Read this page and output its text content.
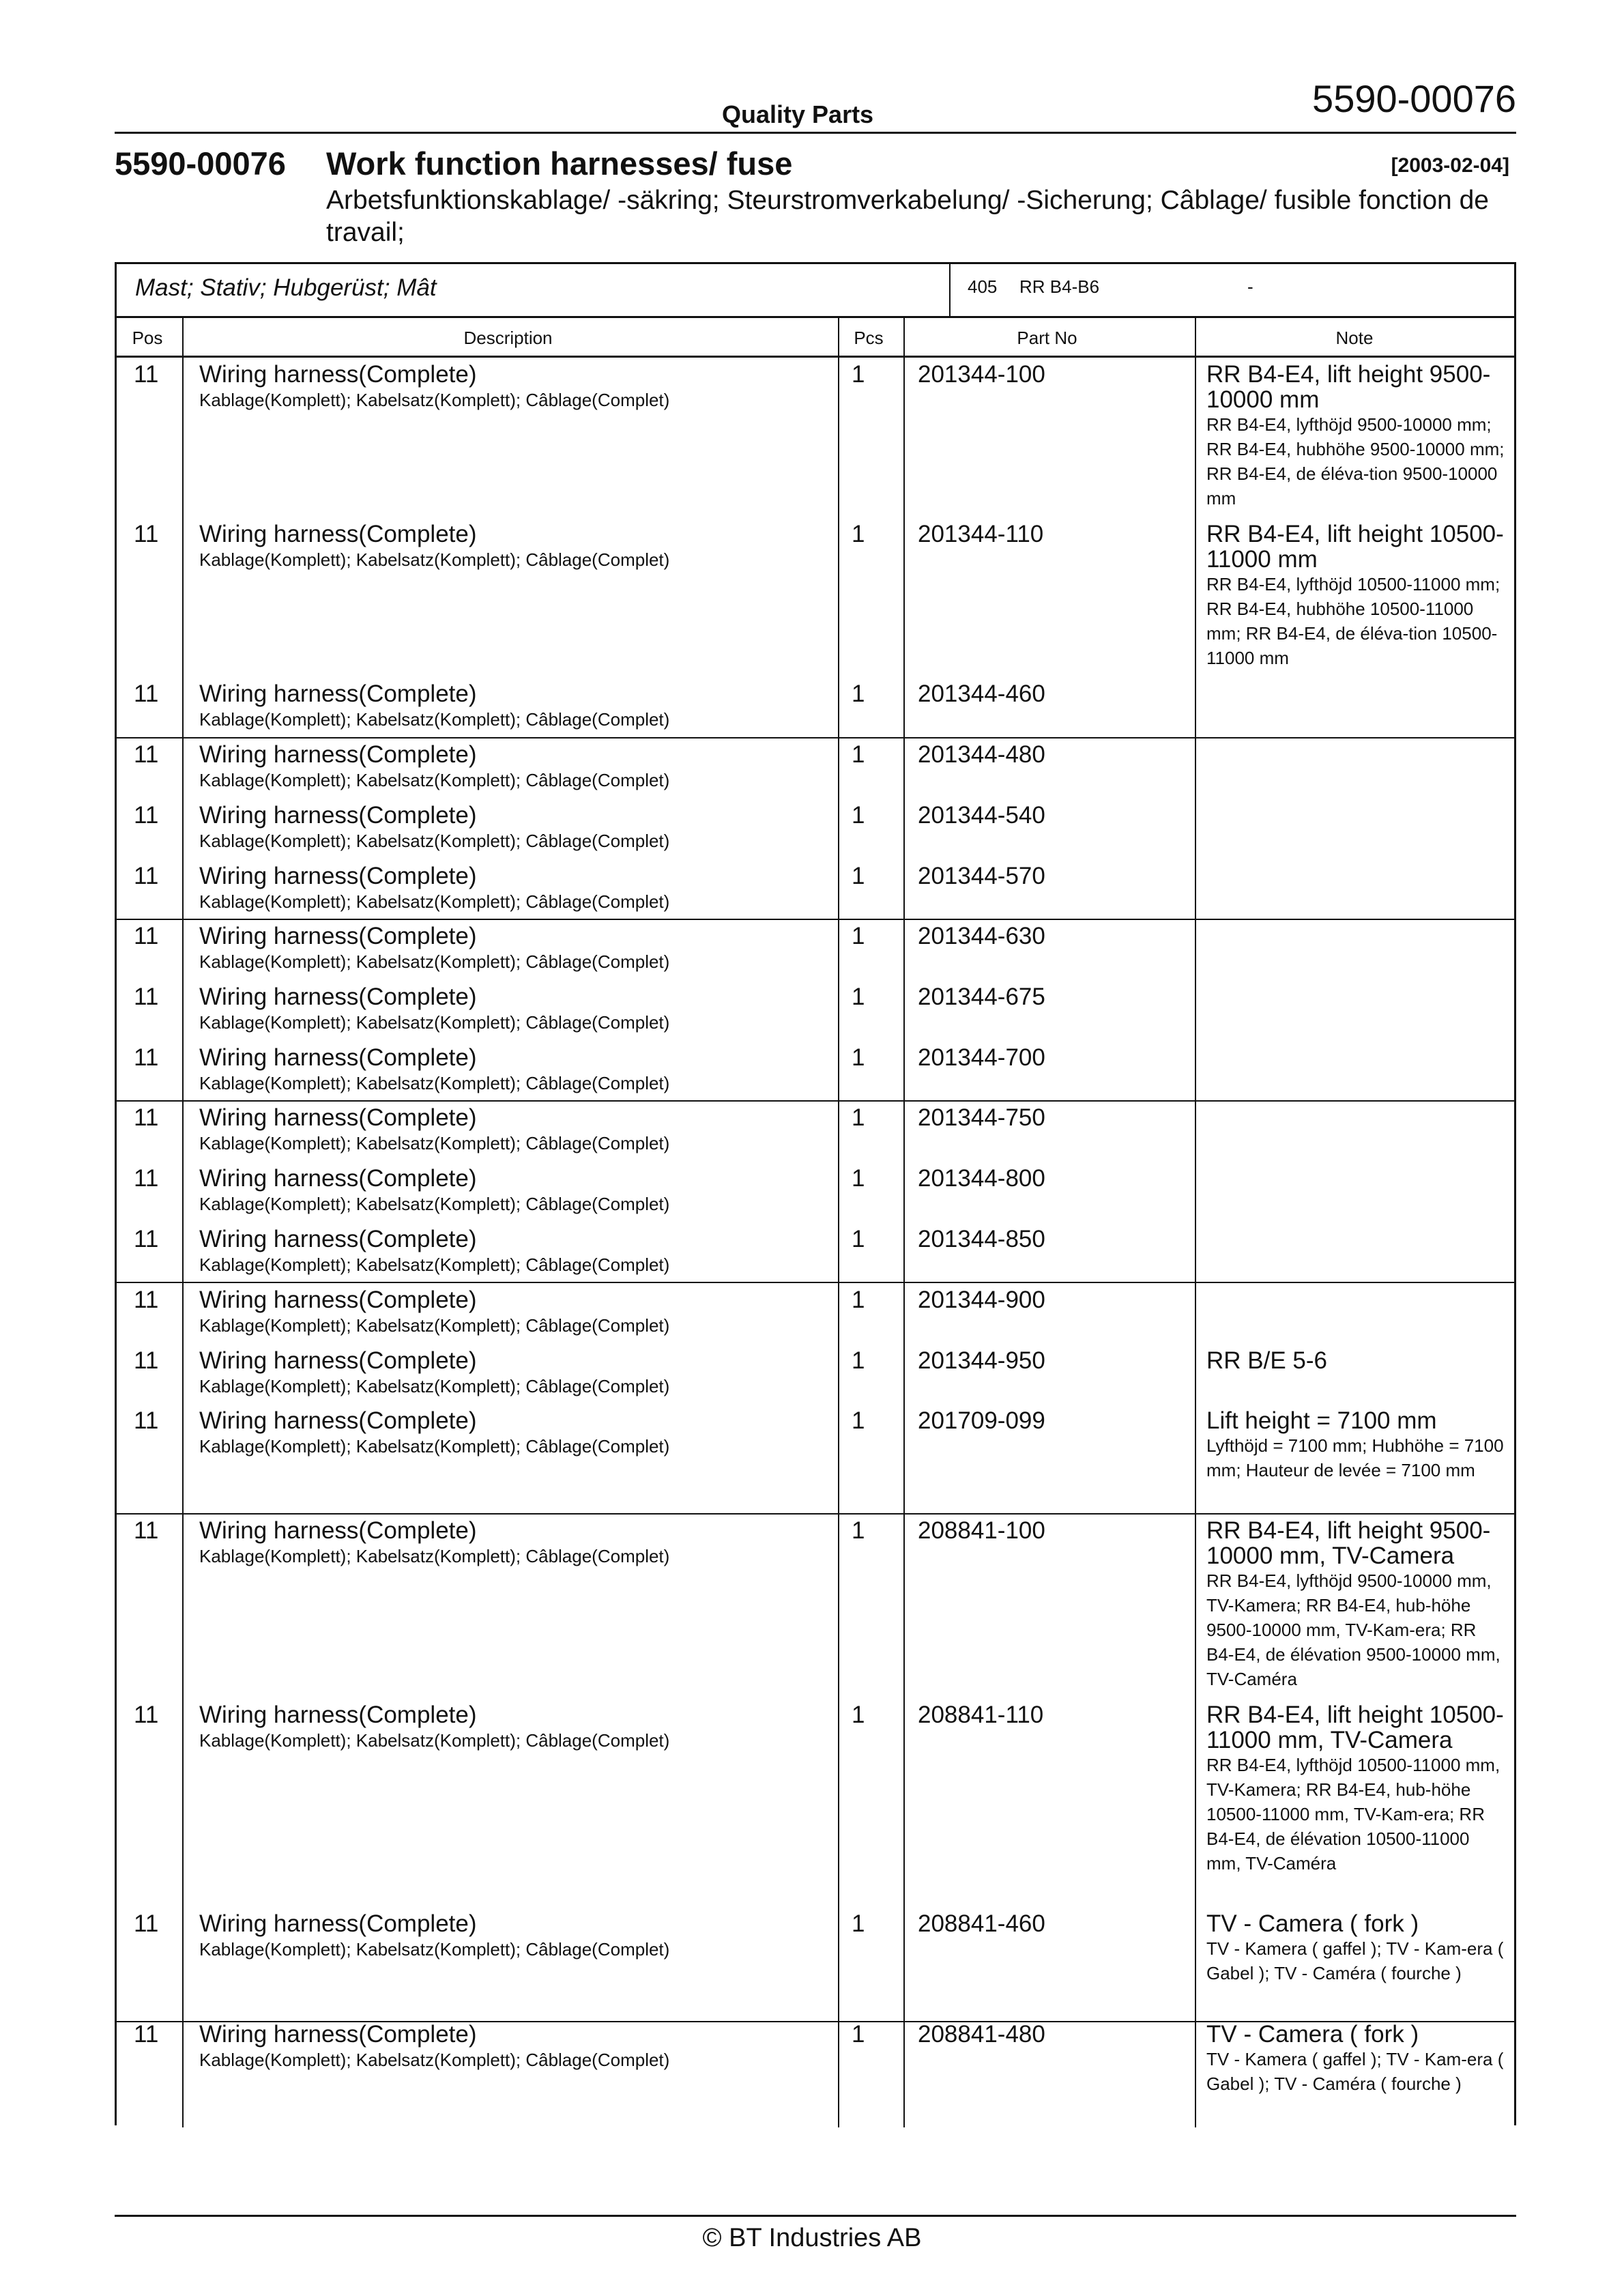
Quality Parts	5590-00076
5590-00076 Work function harnesses/ fuse	[2003-02-04]
Arbetsfunktionskablage/ -säkring; Steurstromverkabelung/ -Sicherung; Câblage/ fusible fonction de travail;
Mast; Stativ; Hubgerüst; Mât	405 RR B4-B6	-
Pos	Description	Pcs	Part No	Note
11 Wiring harness(Complete)
Kablage(Komplett); Kabelsatz(Komplett); Câblage(Complet)
1 201344-100	RR B4-E4, lift height 9500-10000 mm
RR B4-E4, lyfthöjd 9500-10000 mm; RR B4-E4, hubhöhe 9500-10000 mm; RR B4-E4, de éléva-tion 9500-10000 mm
11 Wiring harness(Complete)
Kablage(Komplett); Kabelsatz(Komplett); Câblage(Complet)
1 201344-110	RR B4-E4, lift height 10500-11000 mm
RR B4-E4, lyfthöjd 10500-11000 mm; RR B4-E4, hubhöhe 10500-11000 mm; RR B4-E4, de éléva-tion 10500-11000 mm
11 Wiring harness(Complete)
Kablage(Komplett); Kabelsatz(Komplett); Câblage(Complet)
1 201344-460
11 Wiring harness(Complete)
Kablage(Komplett); Kabelsatz(Komplett); Câblage(Complet)
1 201344-480
11 Wiring harness(Complete)
Kablage(Komplett); Kabelsatz(Komplett); Câblage(Complet)
1 201344-540
11 Wiring harness(Complete)
Kablage(Komplett); Kabelsatz(Komplett); Câblage(Complet)
1 201344-570
11 Wiring harness(Complete)
Kablage(Komplett); Kabelsatz(Komplett); Câblage(Complet)
1 201344-630
11 Wiring harness(Complete)
Kablage(Komplett); Kabelsatz(Komplett); Câblage(Complet)
1 201344-675
11 Wiring harness(Complete)
Kablage(Komplett); Kabelsatz(Komplett); Câblage(Complet)
1 201344-700
11 Wiring harness(Complete)
Kablage(Komplett); Kabelsatz(Komplett); Câblage(Complet)
1 201344-750
11 Wiring harness(Complete)
Kablage(Komplett); Kabelsatz(Komplett); Câblage(Complet)
1 201344-800
11 Wiring harness(Complete)
Kablage(Komplett); Kabelsatz(Komplett); Câblage(Complet)
1 201344-850
11 Wiring harness(Complete)
Kablage(Komplett); Kabelsatz(Komplett); Câblage(Complet)
1 201344-900
11 Wiring harness(Complete)
Kablage(Komplett); Kabelsatz(Komplett); Câblage(Complet)
1 201344-950	RR B/E 5-6
11 Wiring harness(Complete)
Kablage(Komplett); Kabelsatz(Komplett); Câblage(Complet)
1 201709-099	Lift height = 7100 mm
Lyfthöjd = 7100 mm; Hubhöhe = 7100 mm; Hauteur de levée = 7100 mm
11 Wiring harness(Complete)
Kablage(Komplett); Kabelsatz(Komplett); Câblage(Complet)
1 208841-100	RR B4-E4, lift height 9500-10000 mm, TV-Camera
RR B4-E4, lyfthöjd 9500-10000 mm, TV-Kamera; RR B4-E4, hub-höhe 9500-10000 mm, TV-Kam-era; RR B4-E4, de élévation 9500-10000 mm, TV-Caméra
11 Wiring harness(Complete)
Kablage(Komplett); Kabelsatz(Komplett); Câblage(Complet)
1 208841-110	RR B4-E4, lift height 10500-11000 mm, TV-Camera
RR B4-E4, lyfthöjd 10500-11000 mm, TV-Kamera; RR B4-E4, hub-höhe 10500-11000 mm, TV-Kam-era; RR B4-E4, de élévation 10500-11000 mm, TV-Caméra
11 Wiring harness(Complete)
Kablage(Komplett); Kabelsatz(Komplett); Câblage(Complet)
1 208841-460	TV - Camera ( fork )
TV - Kamera ( gaffel ); TV - Kam-era ( Gabel ); TV - Caméra ( fourche )
11 Wiring harness(Complete)
Kablage(Komplett); Kabelsatz(Komplett); Câblage(Complet)
1 208841-480	TV - Camera ( fork )
TV - Kamera ( gaffel ); TV - Kam-era ( Gabel ); TV - Caméra ( fourche )
© BT Industries AB
